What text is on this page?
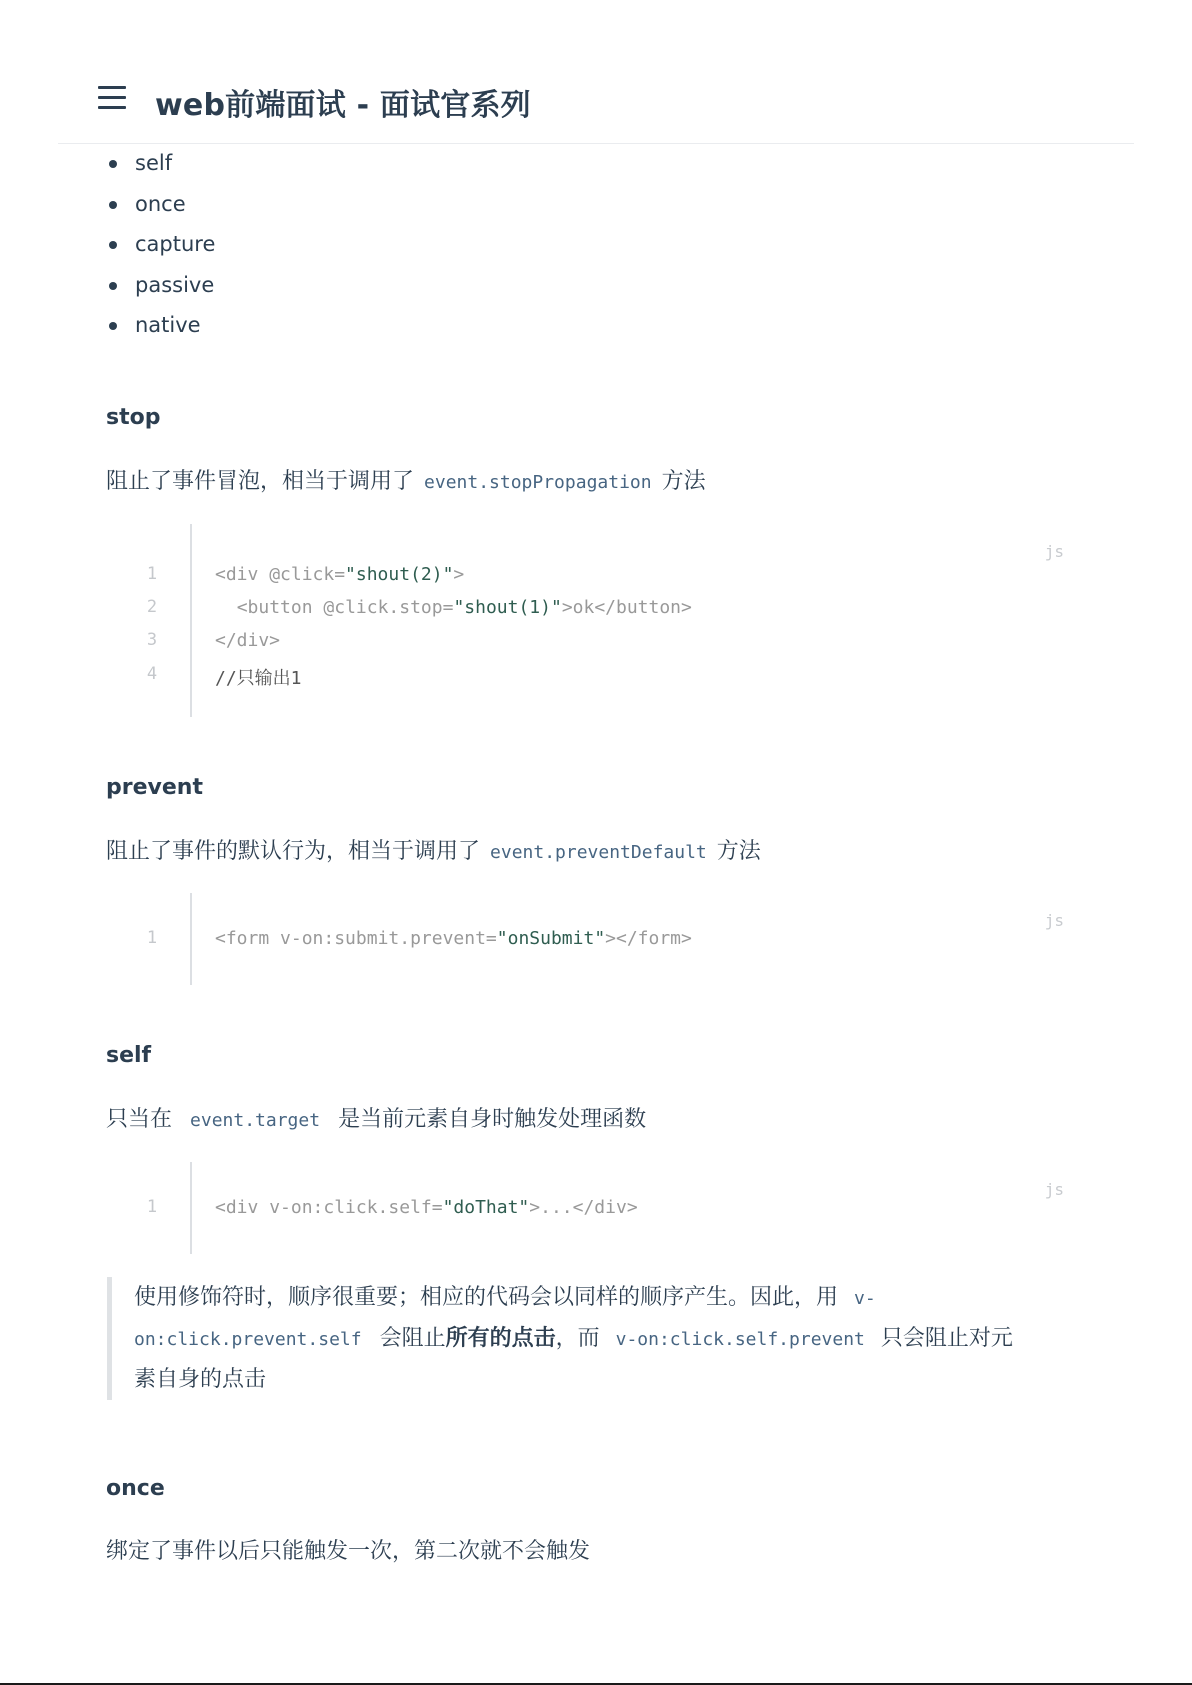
web前端面试 - 面试官系列
self
once
capture
passive
native
stop

阻止了事件冒泡，相当于调用了 event.stopPropagation 方法

js
1	<div @click="shout(2)">
2	<button @click.stop="shout(1)">ok</button>
3	</div>
4	//只输出1
prevent

阻止了事件的默认行为，相当于调用了 event.preventDefault 方法

js
1	<form v-on:submit.prevent="onSubmit"></form>
self

只当在 event.target 是当前元素自身时触发处理函数

js
1	<div v-on:click.self="doThat">...</div>
使用修饰符时，顺序很重要；相应的代码会以同样的顺序产生。因此，用 v-
on:click.prevent.self 会阻止所有的点击，而 v-on:click.self.prevent 只会阻止对元
素自身的点击
once

绑定了事件以后只能触发一次，第二次就不会触发
